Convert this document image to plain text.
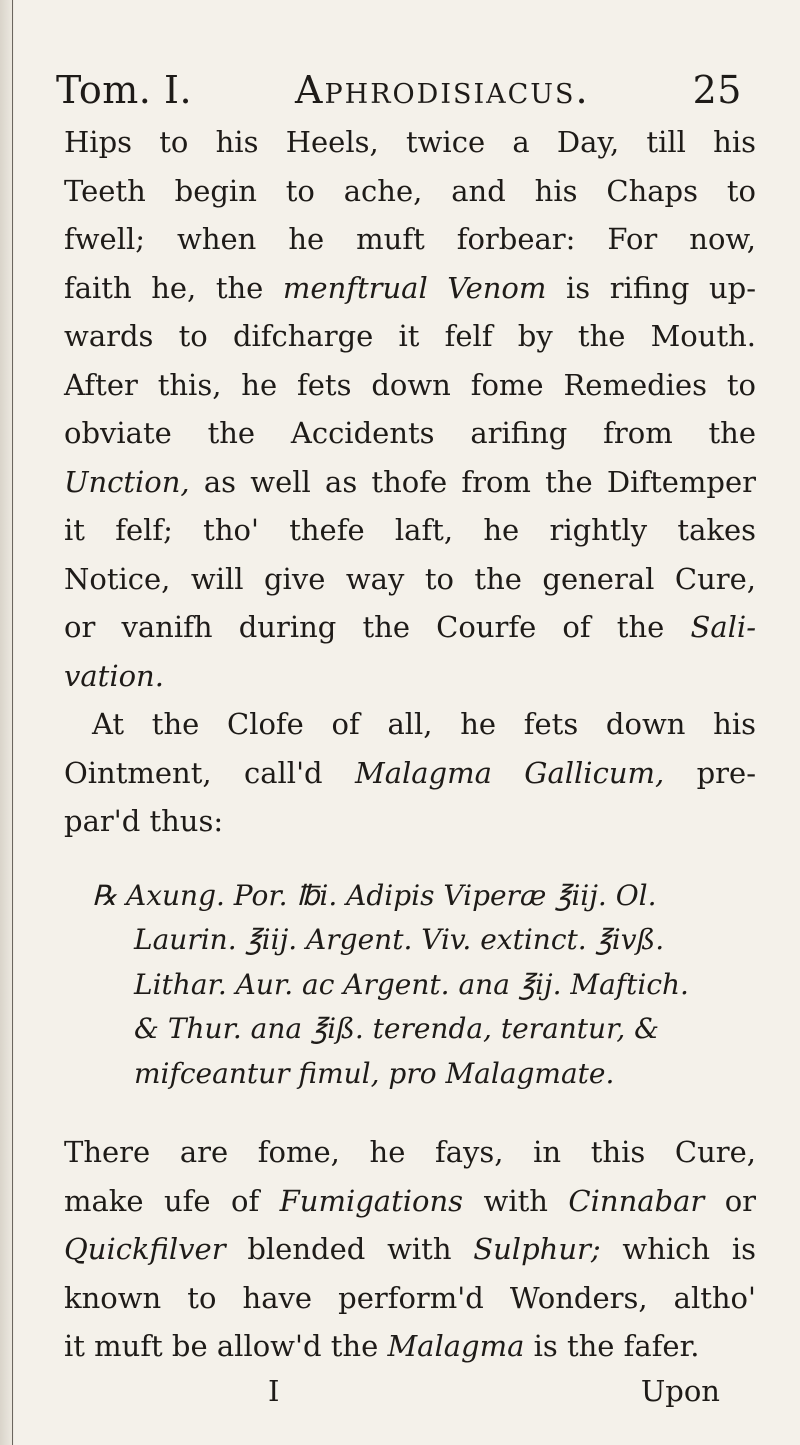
Tom. I.	Aphrodisiacus.	25

Hips to his Heels, twice a Day, till his
Teeth begin to ache, and his Chaps to
fwell; when he muft forbear: For now,
faith he, the menftrual Venom is rifing up-
wards to difcharge it felf by the Mouth.
After this, he fets down fome Remedies to
obviate the Accidents arifing from the
Unction, as well as thofe from the Diftemper
it felf; tho' thefe laft, he rightly takes
Notice, will give way to the general Cure,
or vanifh during the Courfe of the Sali-
vation.

At the Clofe of all, he fets down his
Ointment, call'd Malagma Gallicum, pre-
par'd thus:

℞ Axung. Por. ℔i. Adipis Viperæ ℥iij. Ol.
Laurin. ℥iij. Argent. Viv. extinct. ℥ivß.
Lithar. Aur. ac Argent. ana ℥ij. Maftich.
& Thur. ana ℥iß. terenda, terantur, &
mifceantur fimul, pro Malagmate.

There are fome, he fays, in this Cure,
make ufe of Fumigations with Cinnabar or
Quickfilver blended with Sulphur; which is
known to have perform'd Wonders, altho'
it muft be allow'd the Malagma is the fafer.

I	Upon
